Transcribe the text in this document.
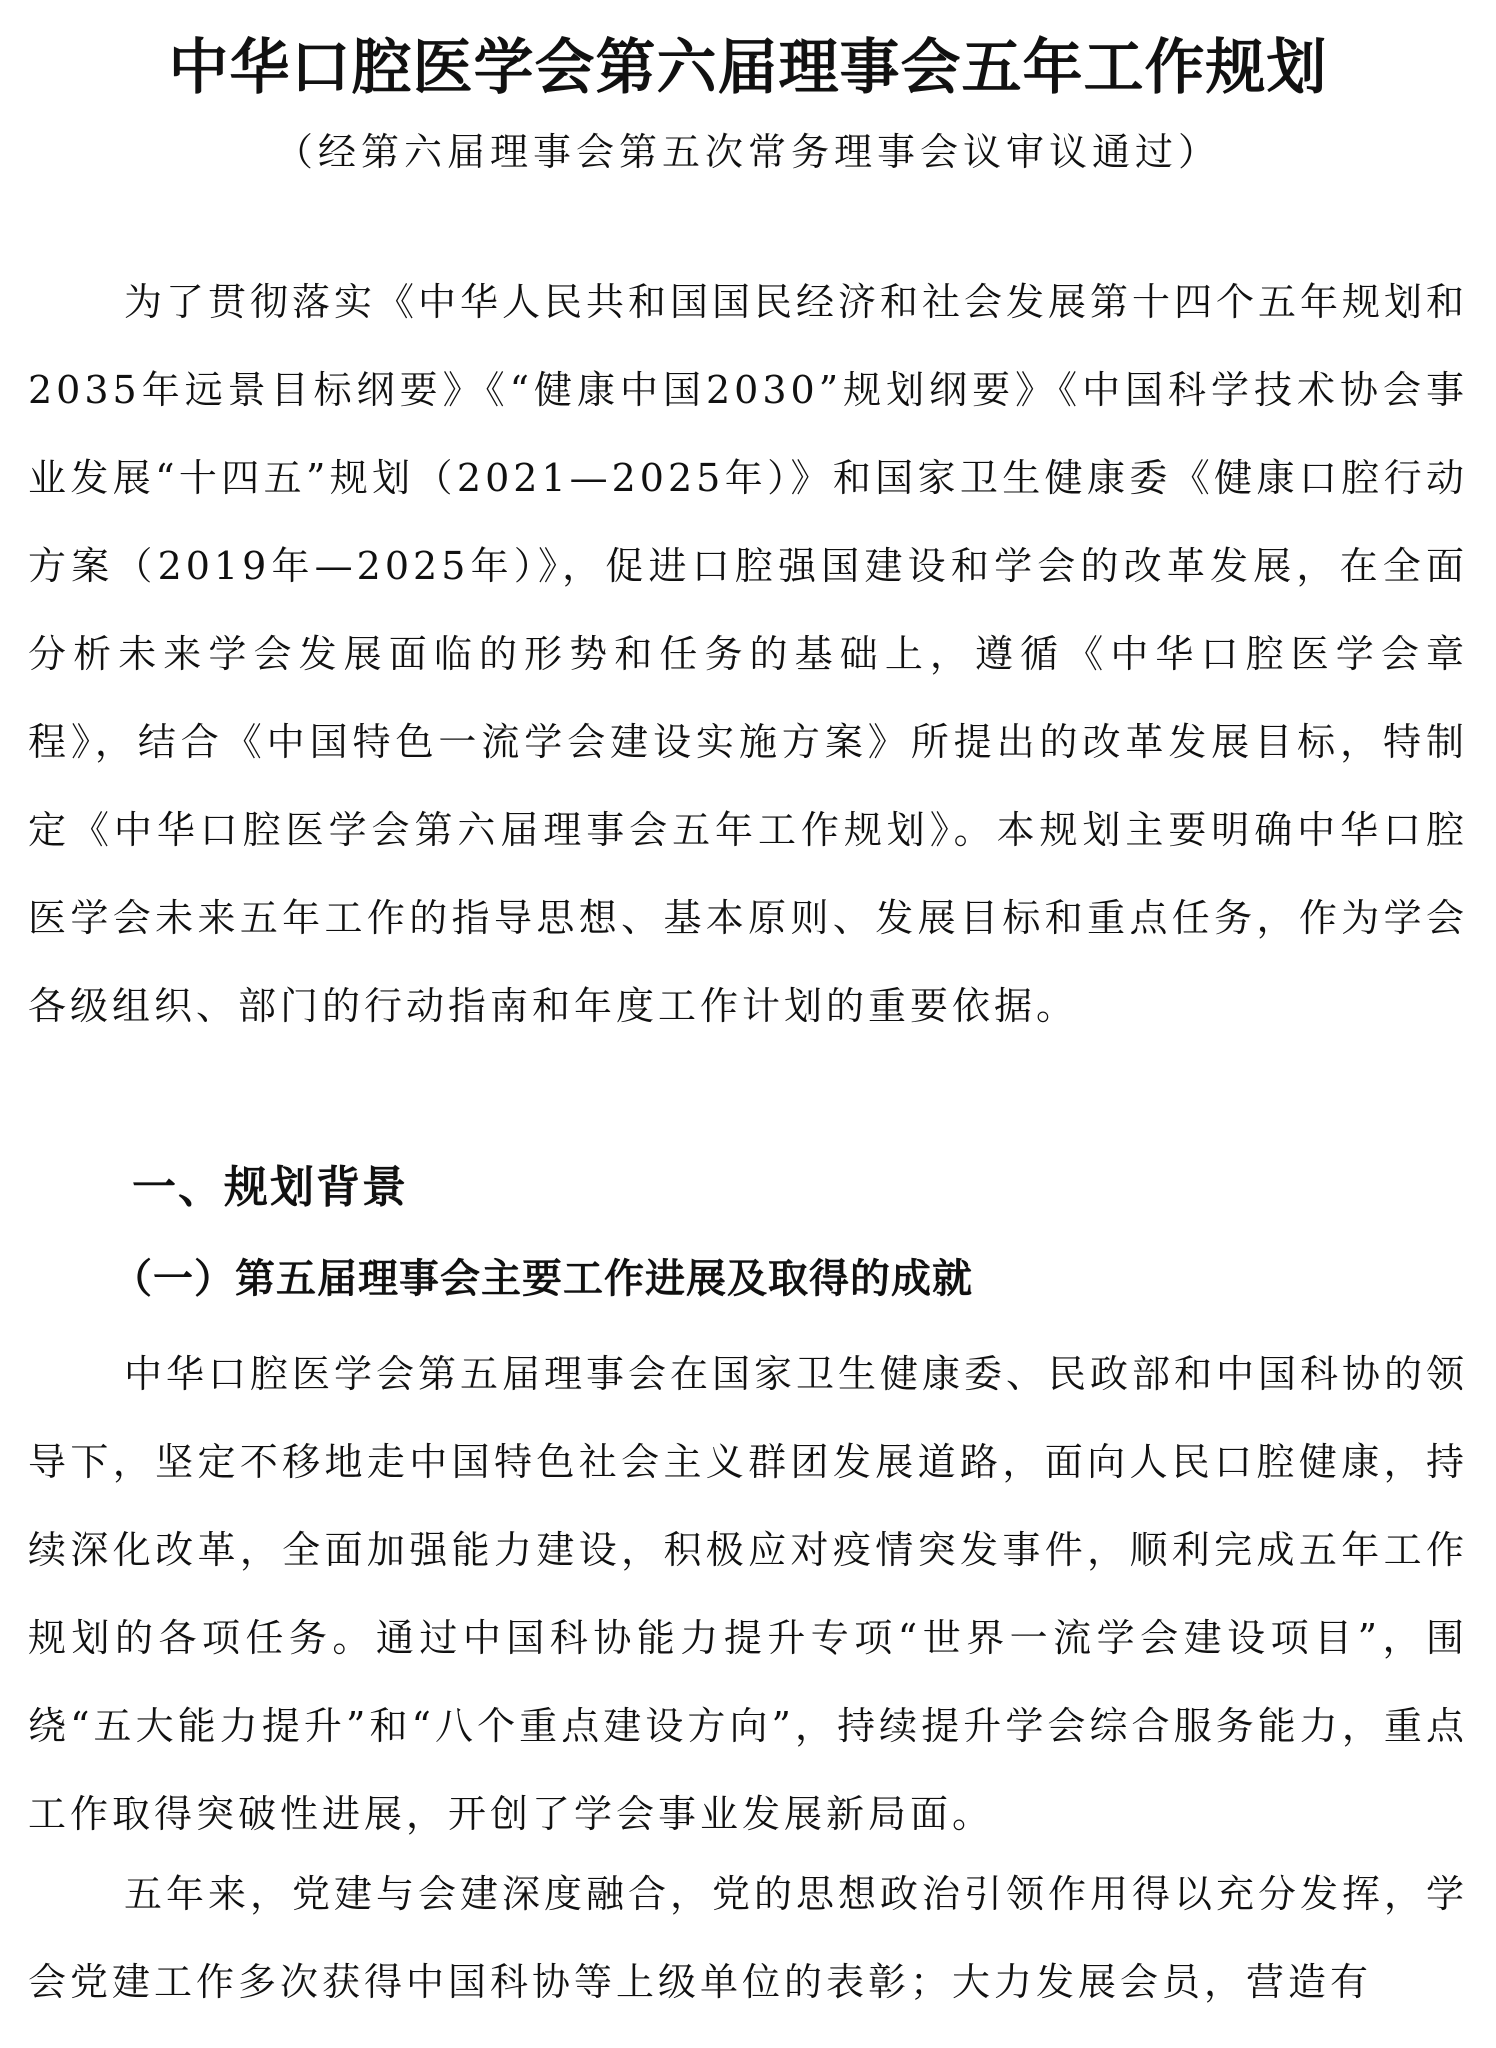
中华口腔医学会第六届理事会五年工作规划
（经第六届理事会第五次常务理事会议审议通过）

为了贯彻落实《中华人民共和国国民经济和社会发展第十四个五年规划和2035年远景目标纲要》《“健康中国2030”规划纲要》《中国科学技术协会事业发展“十四五”规划（2021—2025年）》和国家卫生健康委《健康口腔行动方案（2019年—2025年）》，促进口腔强国建设和学会的改革发展，在全面分析未来学会发展面临的形势和任务的基础上，遵循《中华口腔医学会章程》，结合《中国特色一流学会建设实施方案》所提出的改革发展目标，特制定《中华口腔医学会第六届理事会五年工作规划》。本规划主要明确中华口腔医学会未来五年工作的指导思想、基本原则、发展目标和重点任务，作为学会各级组织、部门的行动指南和年度工作计划的重要依据。

一、规划背景
（一）第五届理事会主要工作进展及取得的成就

中华口腔医学会第五届理事会在国家卫生健康委、民政部和中国科协的领导下，坚定不移地走中国特色社会主义群团发展道路，面向人民口腔健康，持续深化改革，全面加强能力建设，积极应对疫情突发事件，顺利完成五年工作规划的各项任务。通过中国科协能力提升专项“世界一流学会建设项目”，围绕“五大能力提升”和“八个重点建设方向”，持续提升学会综合服务能力，重点工作取得突破性进展，开创了学会事业发展新局面。

五年来，党建与会建深度融合，党的思想政治引领作用得以充分发挥，学会党建工作多次获得中国科协等上级单位的表彰；大力发展会员，营造有
